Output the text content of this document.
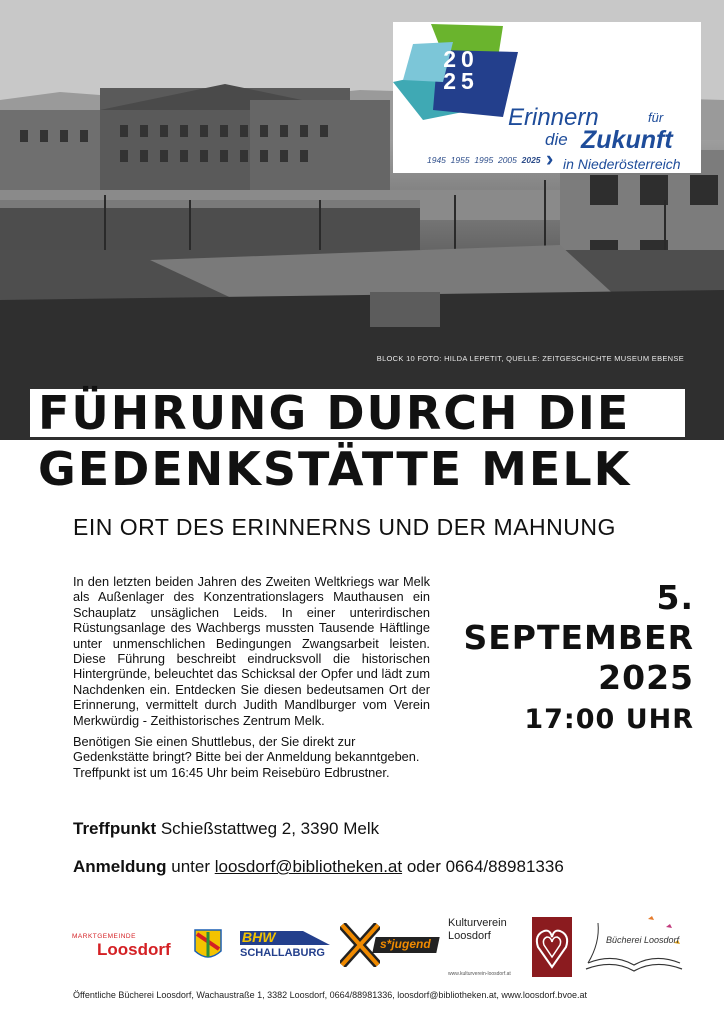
BLOCK 10 FOTO: HILDA LEPETIT, QUELLE: ZEITGESCHICHTE MUSEUM EBENSE
20
25
Erinnern	für
die Zukunft
1945 1955 1995 2005 2025 › in Niederösterreich
FÜHRUNG DURCH DIE
GEDENKSTÄTTE MELK
EIN ORT DES ERINNERNS UND DER MAHNUNG

In den letzten beiden Jahren des Zweiten Weltkriegs war Melk als Außenlager des Konzentrationslagers Mauthausen ein Schauplatz unsäglichen Leids. In einer unterirdischen Rüstungsanlage des Wachbergs mussten Tausende Häftlinge unter unmenschlichen Bedingungen Zwangsarbeit leisten. Diese Führung beschreibt eindrucksvoll die historischen Hintergründe, beleuchtet das Schicksal der Opfer und lädt zum Nachdenken ein. Entdecken Sie diesen bedeutsamen Ort der Erinnerung, vermittelt durch Judith Mandlburger vom Verein Merkwürdig - Zeithistorisches Zentrum Melk.

Benötigen Sie einen Shuttlebus, der Sie direkt zur Gedenkstätte bringt? Bitte bei der Anmeldung bekanntgeben.
Treffpunkt ist um 16:45 Uhr beim Reisebüro Edbrustner.
5.
SEPTEMBER
2025
17:00 UHR
Treffpunkt Schießstattweg 2, 3390 Melk
Anmeldung unter loosdorf@bibliotheken.at oder 0664/88981336
MARKTGEMEINDE
Loosdorf
BHW
SCHALLABURG
s*jugend
Kulturverein
Loosdorf
www.kulturverein-loosdorf.at
Bücherei Loosdorf
Öffentliche Bücherei Loosdorf, Wachaustraße 1, 3382 Loosdorf, 0664/88981336, loosdorf@bibliotheken.at, www.loosdorf.bvoe.at
